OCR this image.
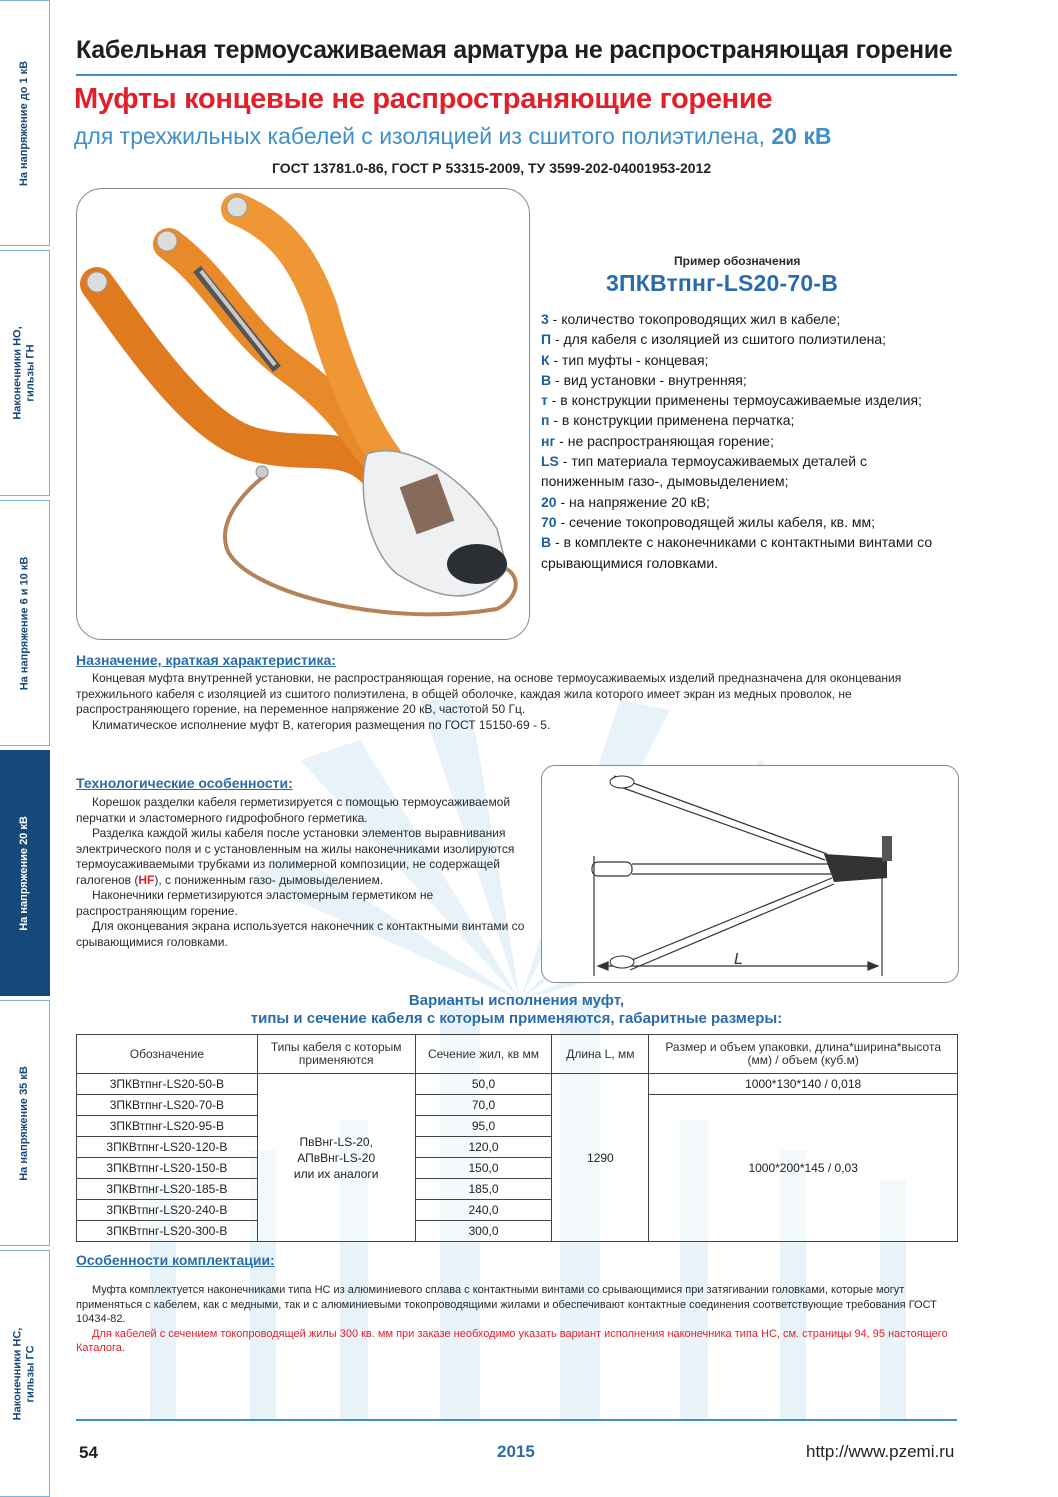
На напряжение до 1 кВ
Наконечники НО,
гильзы ГН
На напряжение 6 и 10 кВ
На напряжение 20 кВ
На напряжение 35 кВ
Наконечники НС,
гильзы ГС
Кабельная термоусаживаемая арматура не распространяющая горение
Муфты концевые не распространяющие горение
для трехжильных кабелей с изоляцией из сшитого полиэтилена, 20 кВ
ГОСТ 13781.0-86, ГОСТ Р 53315-2009, ТУ 3599-202-04001953-2012
Пример обозначения
3ПКВтпнг-LS20-70-В

3 - количество токопроводящих жил в кабеле;

П - для кабеля с изоляцией из сшитого полиэтилена;

К - тип муфты - концевая;

В - вид установки - внутренняя;

т - в конструкции применены термоусаживаемые изделия;

п - в конструкции применена перчатка;

нг - не распространяющая горение;

LS - тип материала термоусаживаемых деталей с пониженным газо-, дымовыделением;

20 - на напряжение 20 кВ;

70 - сечение токопроводящей жилы кабеля, кв. мм;

В - в комплекте с наконечниками с контактными винтами со срывающимися головками.

Назначение, краткая характеристика:

Концевая муфта внутренней установки, не распространяющая горение, на основе термоусаживаемых изделий предназначена для оконцевания трехжильного кабеля с изоляцией из сшитого полиэтилена, в общей оболочке, каждая жила которого имеет экран из медных проволок, не распространяющего горение, на переменное напряжение 20 кВ, частотой 50 Гц.

Климатическое исполнение муфт В, категория размещения по ГОСТ 15150-69 - 5.

Технологические особенности:

Корешок разделки кабеля герметизируется с помощью термоусаживаемой перчатки и эластомерного гидрофобного герметика.

Разделка каждой жилы кабеля после установки элементов выравнивания электрического поля и с установленным на жилы наконечниками изолируются термоусаживаемыми трубками из полимерной композиции, не содержащей галогенов (HF), с пониженным газо- дымовыделением.

Наконечники герметизируются эластомерным герметиком не распространяющим горение.

Для оконцевания экрана используется наконечник с контактными винтами со срывающимися головками.

L
Варианты исполнения муфт,
типы и сечение кабеля с которым применяются, габаритные размеры:
Обозначение	Типы кабеля с которым применяются	Сечение жил, кв мм	Длина L, мм	Размер и объем упаковки, длина*ширина*высота (мм) / объем (куб.м)
3ПКВтпнг-LS20-50-В	ПвВнг-LS-20,
АПвВнг-LS-20
или их аналоги	50,0	1290	1000*130*140 / 0,018
3ПКВтпнг-LS20-70-В		70,0		1000*200*145 / 0,03
3ПКВтпнг-LS20-95-В		95,0		
3ПКВтпнг-LS20-120-В		120,0		
3ПКВтпнг-LS20-150-В		150,0		
3ПКВтпнг-LS20-185-В		185,0		
3ПКВтпнг-LS20-240-В		240,0		
3ПКВтпнг-LS20-300-В		300,0		
Особенности комплектации:

Муфта комплектуется наконечниками типа НС из алюминиевого сплава с контактными винтами со срывающимися при затягивании головками, которые могут применяться с кабелем, как с медными, так и с алюминиевыми токопроводящими жилами и обеспечивают контактные соединения соответствующие требования ГОСТ 10434-82.

Для кабелей с сечением токопроводящей жилы 300 кв. мм при заказе необходимо указать вариант исполнения наконечника типа НС, см. страницы 94, 95 настоящего Каталога.

54	2015	http://www.pzemi.ru
